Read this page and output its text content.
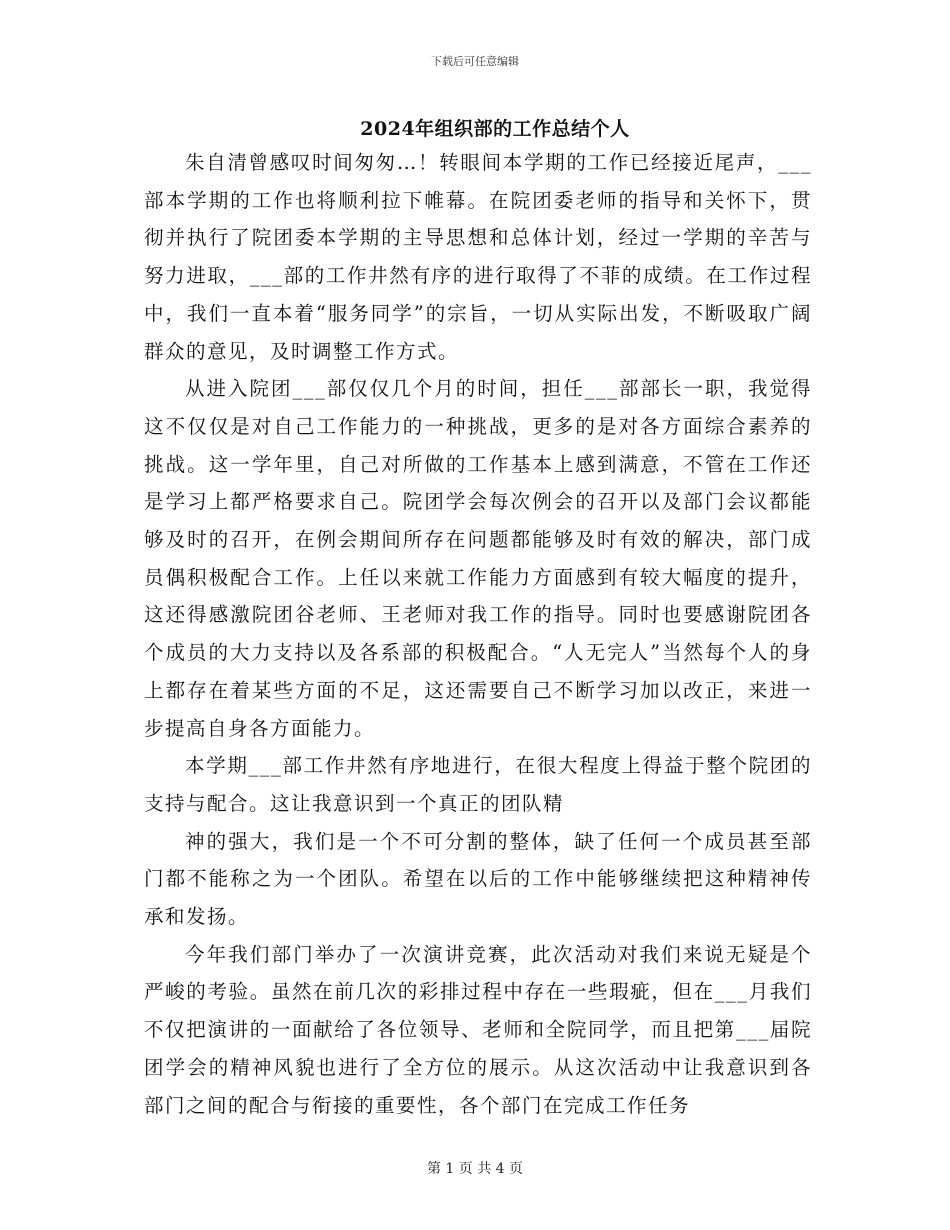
下载后可任意编辑
2024年组织部的工作总结个人

朱自清曾感叹时间匆匆…！转眼间本学期的工作已经接近尾声，___部本学期的工作也将顺利拉下帷幕。在院团委老师的指导和关怀下，贯彻并执行了院团委本学期的主导思想和总体计划，经过一学期的辛苦与努力进取，___部的工作井然有序的进行取得了不菲的成绩。在工作过程中，我们一直本着“服务同学”的宗旨，一切从实际出发，不断吸取广阔群众的意见，及时调整工作方式。

从进入院团___部仅仅几个月的时间，担任___部部长一职，我觉得这不仅仅是对自己工作能力的一种挑战，更多的是对各方面综合素养的挑战。这一学年里，自己对所做的工作基本上感到满意，不管在工作还是学习上都严格要求自己。院团学会每次例会的召开以及部门会议都能够及时的召开，在例会期间所存在问题都能够及时有效的解决，部门成员偶积极配合工作。上任以来就工作能力方面感到有较大幅度的提升，这还得感激院团谷老师、王老师对我工作的指导。同时也要感谢院团各个成员的大力支持以及各系部的积极配合。“人无完人”当然每个人的身上都存在着某些方面的不足，这还需要自己不断学习加以改正，来进一步提高自身各方面能力。

本学期___部工作井然有序地进行，在很大程度上得益于整个院团的支持与配合。这让我意识到一个真正的团队精

神的强大，我们是一个不可分割的整体，缺了任何一个成员甚至部门都不能称之为一个团队。希望在以后的工作中能够继续把这种精神传承和发扬。

今年我们部门举办了一次演讲竞赛，此次活动对我们来说无疑是个严峻的考验。虽然在前几次的彩排过程中存在一些瑕疵，但在___月我们不仅把演讲的一面献给了各位领导、老师和全院同学，而且把第___届院团学会的精神风貌也进行了全方位的展示。从这次活动中让我意识到各部门之间的配合与衔接的重要性，各个部门在完成工作任务

第 1 页 共 4 页
